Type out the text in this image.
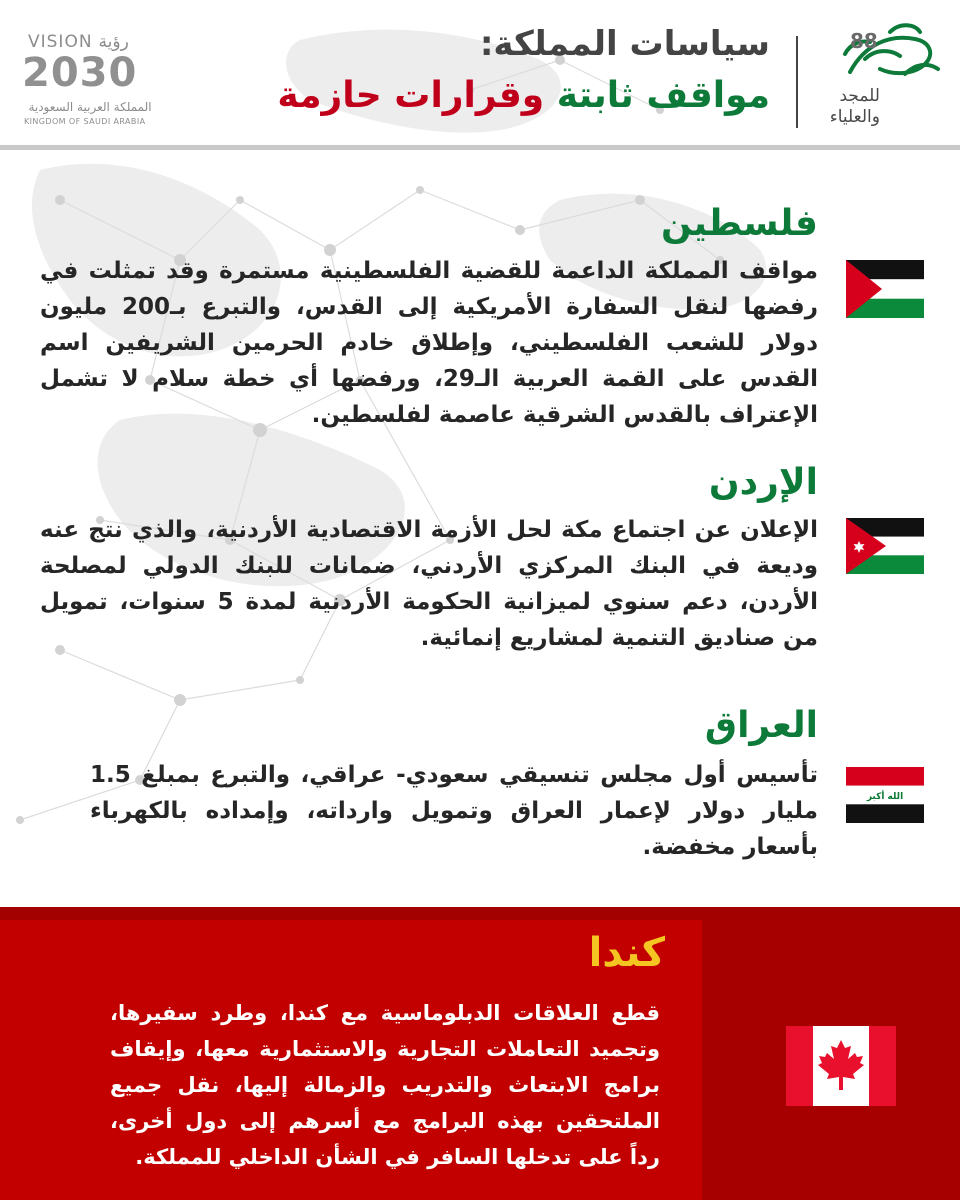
VISION رؤية
2030
المملكة العربية السعودية
KINGDOM OF SAUDI ARABIA
سياسات المملكة:
مواقف ثابتة وقرارات حازمة
88
للمجد
والعلياء
فلسطين

مواقف المملكة الداعمة للقضية الفلسطينية مستمرة وقد تمثلت في رفضها لنقل السفارة الأمريكية إلى القدس، والتبرع بـ200 مليون دولار للشعب الفلسطيني، وإطلاق خادم الحرمين الشريفين اسم القدس على القمة العربية الـ29، ورفضها أي خطة سلام لا تشمل الإعتراف بالقدس الشرقية عاصمة لفلسطين.

الإردن

الإعلان عن اجتماع مكة لحل الأزمة الاقتصادية الأردنية، والذي نتج عنه وديعة في البنك المركزي الأردني، ضمانات للبنك الدولي لمصلحة الأردن، دعم سنوي لميزانية الحكومة الأردنية لمدة 5 سنوات، تمويل من صناديق التنمية لمشاريع إنمائية.

العراق

تأسيس أول مجلس تنسيقي سعودي- عراقي، والتبرع بمبلغ 1.5 مليار دولار لإعمار العراق وتمويل وارداته، وإمداده بالكهرباء بأسعار مخفضة.

الله أكبر
كندا

قطع العلاقات الدبلوماسية مع كندا، وطرد سفيرها، وتجميد التعاملات التجارية والاستثمارية معها، وإيقاف برامج الابتعاث والتدريب والزمالة إليها، نقل جميع الملتحقين بهذه البرامج مع أسرهم إلى دول أخرى، رداً على تدخلها السافر في الشأن الداخلي للمملكة.
